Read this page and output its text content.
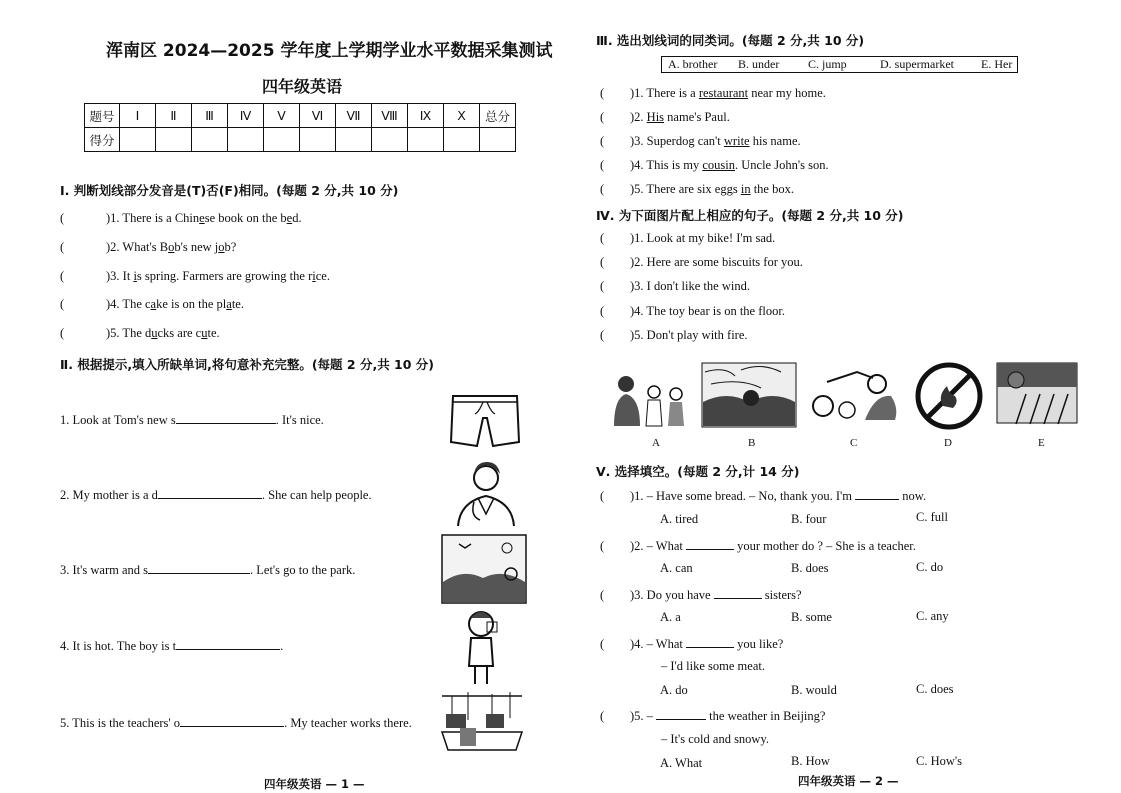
浑南区 2024—2025 学年度上学期学业水平数据采集测试
四年级英语
题号	Ⅰ	Ⅱ	Ⅲ	Ⅳ	Ⅴ	Ⅵ	Ⅶ	Ⅷ	Ⅸ	Ⅹ	总分
得分											
Ⅰ. 判断划线部分发音是(T)否(F)相同。(每题 2 分,共 10 分)
(	)1. There is a Chinese book on the bed.
(	)2. What's Bob's new job?
(	)3. It is spring. Farmers are growing the rice.
(	)4. The cake is on the plate.
(	)5. The ducks are cute.
Ⅱ. 根据提示,填入所缺单词,将句意补充完整。(每题 2 分,共 10 分)
1. Look at Tom's new s	. It's nice.
2. My mother is a d	. She can help people.
3. It's warm and s	. Let's go to the park.
4. It is hot. The boy is t	.
5. This is the teachers' o	. My teacher works there.
四年级英语 — 1 —
Ⅲ. 选出划线词的同类词。(每题 2 分,共 10 分)
A. brother B. under C. jump	D. supermarket E. Her
( )1. There is a restaurant near my home.
( )2. His name's Paul.
( )3. Superdog can't write his name.
( )4. This is my cousin. Uncle John's son.
( )5. There are six eggs in the box.
Ⅳ. 为下面图片配上相应的句子。(每题 2 分,共 10 分)
( )1. Look at my bike! I'm sad.
( )2. Here are some biscuits for you.
( )3. I don't like the wind.
( )4. The toy bear is on the floor.
( )5. Don't play with fire.
A	B	C	D	E
Ⅴ. 选择填空。(每题 2 分,计 14 分)
( )1. – Have some bread. – No, thank you. I'm	now.
A. tired	B. four	C. full
( )2. – What	your mother do ? – She is a teacher.
A. can	B. does	C. do
( )3. Do you have	sisters?
A. a	B. some	C. any
( )4. – What	you like?
– I'd like some meat.
A. do	B. would	C. does
( )5. –	the weather in Beijing?
– It's cold and snowy.
A. What	B. How	C. How's
四年级英语 — 2 —
